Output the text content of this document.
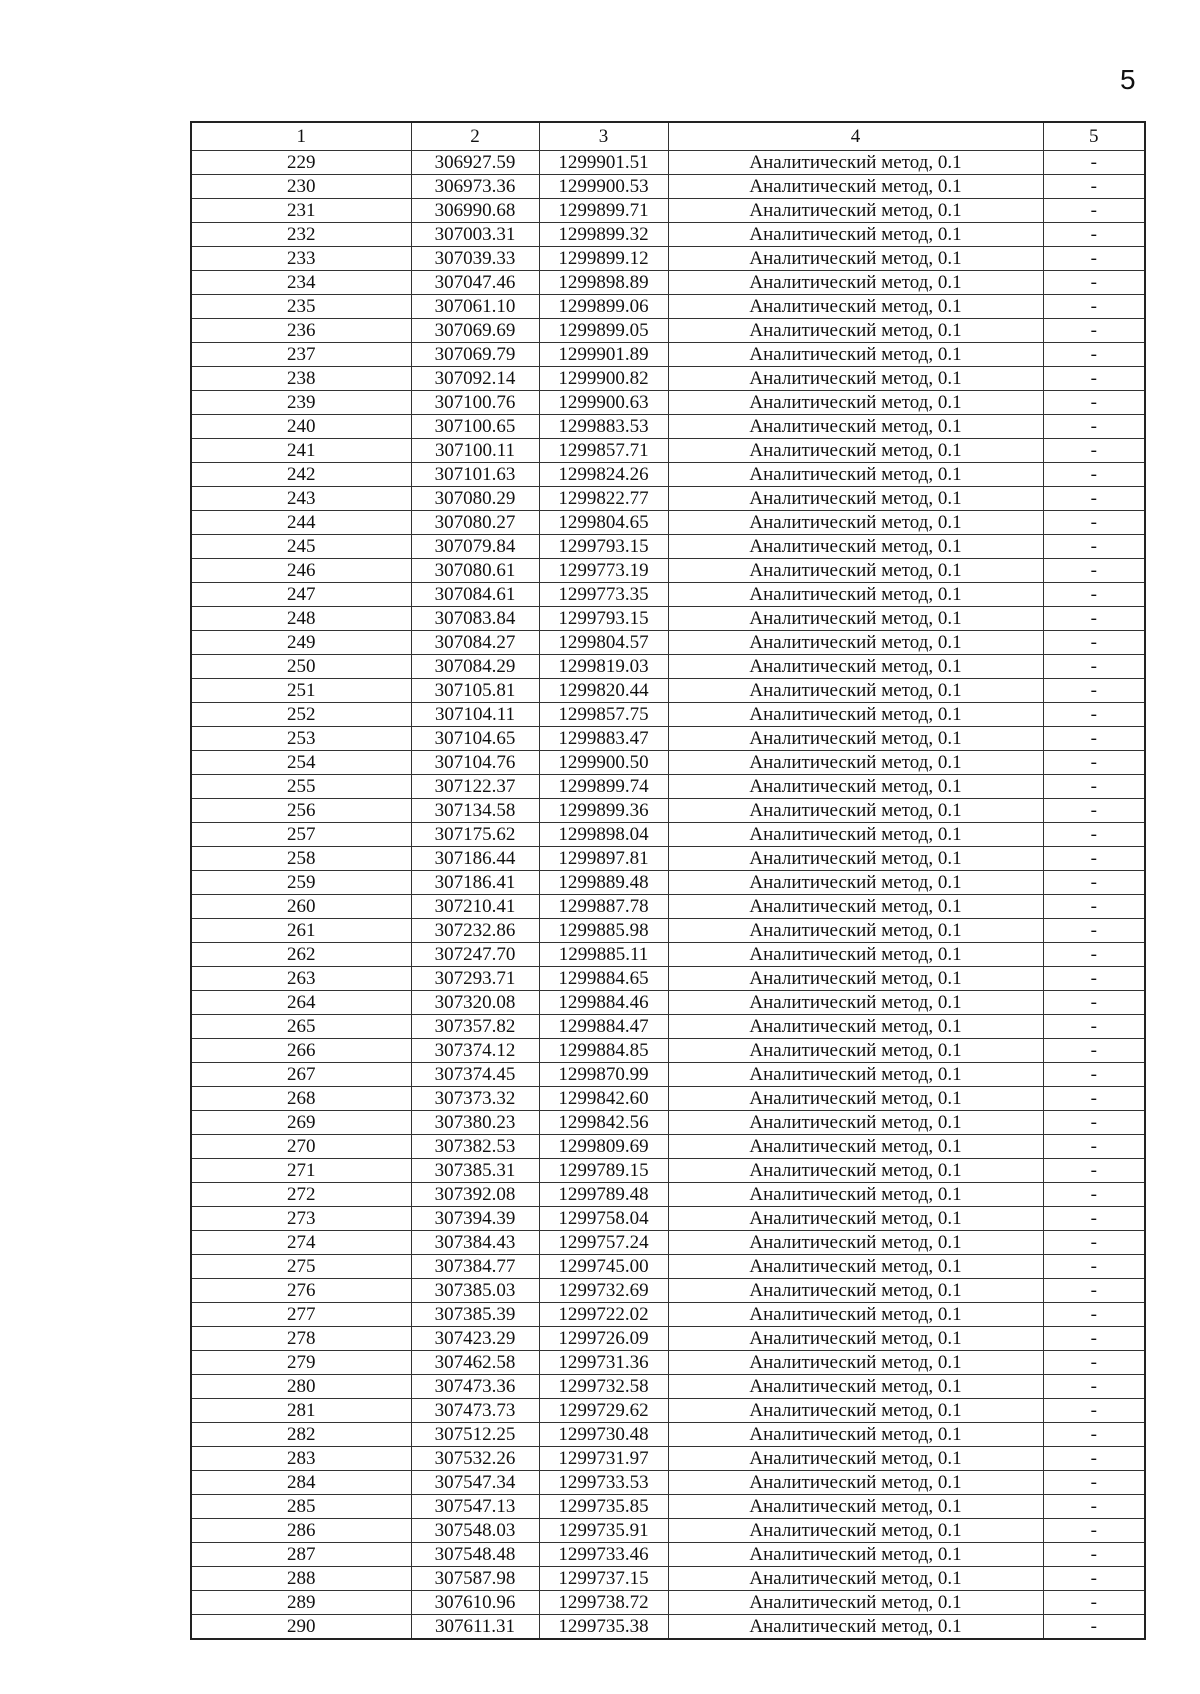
5
1	2	3	4	5
229	306927.59	1299901.51	Аналитический метод, 0.1	-
230	306973.36	1299900.53	Аналитический метод, 0.1	-
231	306990.68	1299899.71	Аналитический метод, 0.1	-
232	307003.31	1299899.32	Аналитический метод, 0.1	-
233	307039.33	1299899.12	Аналитический метод, 0.1	-
234	307047.46	1299898.89	Аналитический метод, 0.1	-
235	307061.10	1299899.06	Аналитический метод, 0.1	-
236	307069.69	1299899.05	Аналитический метод, 0.1	-
237	307069.79	1299901.89	Аналитический метод, 0.1	-
238	307092.14	1299900.82	Аналитический метод, 0.1	-
239	307100.76	1299900.63	Аналитический метод, 0.1	-
240	307100.65	1299883.53	Аналитический метод, 0.1	-
241	307100.11	1299857.71	Аналитический метод, 0.1	-
242	307101.63	1299824.26	Аналитический метод, 0.1	-
243	307080.29	1299822.77	Аналитический метод, 0.1	-
244	307080.27	1299804.65	Аналитический метод, 0.1	-
245	307079.84	1299793.15	Аналитический метод, 0.1	-
246	307080.61	1299773.19	Аналитический метод, 0.1	-
247	307084.61	1299773.35	Аналитический метод, 0.1	-
248	307083.84	1299793.15	Аналитический метод, 0.1	-
249	307084.27	1299804.57	Аналитический метод, 0.1	-
250	307084.29	1299819.03	Аналитический метод, 0.1	-
251	307105.81	1299820.44	Аналитический метод, 0.1	-
252	307104.11	1299857.75	Аналитический метод, 0.1	-
253	307104.65	1299883.47	Аналитический метод, 0.1	-
254	307104.76	1299900.50	Аналитический метод, 0.1	-
255	307122.37	1299899.74	Аналитический метод, 0.1	-
256	307134.58	1299899.36	Аналитический метод, 0.1	-
257	307175.62	1299898.04	Аналитический метод, 0.1	-
258	307186.44	1299897.81	Аналитический метод, 0.1	-
259	307186.41	1299889.48	Аналитический метод, 0.1	-
260	307210.41	1299887.78	Аналитический метод, 0.1	-
261	307232.86	1299885.98	Аналитический метод, 0.1	-
262	307247.70	1299885.11	Аналитический метод, 0.1	-
263	307293.71	1299884.65	Аналитический метод, 0.1	-
264	307320.08	1299884.46	Аналитический метод, 0.1	-
265	307357.82	1299884.47	Аналитический метод, 0.1	-
266	307374.12	1299884.85	Аналитический метод, 0.1	-
267	307374.45	1299870.99	Аналитический метод, 0.1	-
268	307373.32	1299842.60	Аналитический метод, 0.1	-
269	307380.23	1299842.56	Аналитический метод, 0.1	-
270	307382.53	1299809.69	Аналитический метод, 0.1	-
271	307385.31	1299789.15	Аналитический метод, 0.1	-
272	307392.08	1299789.48	Аналитический метод, 0.1	-
273	307394.39	1299758.04	Аналитический метод, 0.1	-
274	307384.43	1299757.24	Аналитический метод, 0.1	-
275	307384.77	1299745.00	Аналитический метод, 0.1	-
276	307385.03	1299732.69	Аналитический метод, 0.1	-
277	307385.39	1299722.02	Аналитический метод, 0.1	-
278	307423.29	1299726.09	Аналитический метод, 0.1	-
279	307462.58	1299731.36	Аналитический метод, 0.1	-
280	307473.36	1299732.58	Аналитический метод, 0.1	-
281	307473.73	1299729.62	Аналитический метод, 0.1	-
282	307512.25	1299730.48	Аналитический метод, 0.1	-
283	307532.26	1299731.97	Аналитический метод, 0.1	-
284	307547.34	1299733.53	Аналитический метод, 0.1	-
285	307547.13	1299735.85	Аналитический метод, 0.1	-
286	307548.03	1299735.91	Аналитический метод, 0.1	-
287	307548.48	1299733.46	Аналитический метод, 0.1	-
288	307587.98	1299737.15	Аналитический метод, 0.1	-
289	307610.96	1299738.72	Аналитический метод, 0.1	-
290	307611.31	1299735.38	Аналитический метод, 0.1	-
